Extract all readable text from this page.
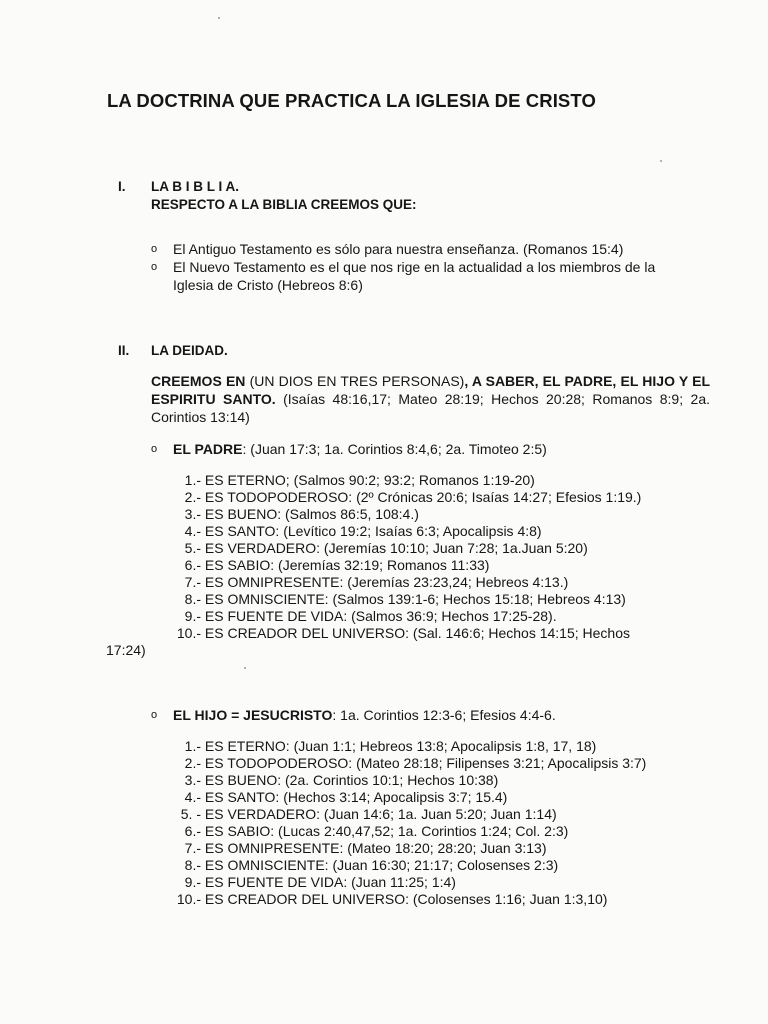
LA DOCTRINA QUE PRACTICA LA IGLESIA DE CRISTO
I. LA B I B L I A.
RESPECTO A LA BIBLIA CREEMOS QUE:
o El Antiguo Testamento es sólo para nuestra enseñanza. (Romanos 15:4)
o El Nuevo Testamento es el que nos rige en la actualidad a los miembros de la
Iglesia de Cristo (Hebreos 8:6)
II. LA DEIDAD.
CREEMOS EN (UN DIOS EN TRES PERSONAS), A SABER, EL PADRE, EL HIJO Y EL ESPIRITU SANTO. (Isaías 48:16,17; Mateo 28:19; Hechos 20:28; Romanos 8:9; 2a. Corintios 13:14)
o EL PADRE: (Juan 17:3; 1a. Corintios 8:4,6; 2a. Timoteo 2:5)
1.- ES ETERNO; (Salmos 90:2; 93:2; Romanos 1:19-20)
2.- ES TODOPODEROSO: (2º Crónicas 20:6; Isaías 14:27; Efesios 1:19.)
3.- ES BUENO: (Salmos 86:5, 108:4.)
4.- ES SANTO: (Levítico 19:2; Isaías 6:3; Apocalipsis 4:8)
5.- ES VERDADERO: (Jeremías 10:10; Juan 7:28; 1a.Juan 5:20)
6.- ES SABIO: (Jeremías 32:19; Romanos 11:33)
7.- ES OMNIPRESENTE: (Jeremías 23:23,24; Hebreos 4:13.)
8.- ES OMNISCIENTE: (Salmos 139:1-6; Hechos 15:18; Hebreos 4:13)
9.- ES FUENTE DE VIDA: (Salmos 36:9; Hechos 17:25-28).
10.- ES CREADOR DEL UNIVERSO: (Sal. 146:6; Hechos 14:15; Hechos
17:24)
o EL HIJO = JESUCRISTO: 1a. Corintios 12:3-6; Efesios 4:4-6.
1.- ES ETERNO: (Juan 1:1; Hebreos 13:8; Apocalipsis 1:8, 17, 18)
2.- ES TODOPODEROSO: (Mateo 28:18; Filipenses 3:21; Apocalipsis 3:7)
3.- ES BUENO: (2a. Corintios 10:1; Hechos 10:38)
4.- ES SANTO: (Hechos 3:14; Apocalipsis 3:7; 15.4)
5. - ES VERDADERO: (Juan 14:6; 1a. Juan 5:20; Juan 1:14)
6.- ES SABIO: (Lucas 2:40,47,52; 1a. Corintios 1:24; Col. 2:3)
7.- ES OMNIPRESENTE: (Mateo 18:20; 28:20; Juan 3:13)
8.- ES OMNISCIENTE: (Juan 16:30; 21:17; Colosenses 2:3)
9.- ES FUENTE DE VIDA: (Juan 11:25; 1:4)
10.- ES CREADOR DEL UNIVERSO: (Colosenses 1:16; Juan 1:3,10)
